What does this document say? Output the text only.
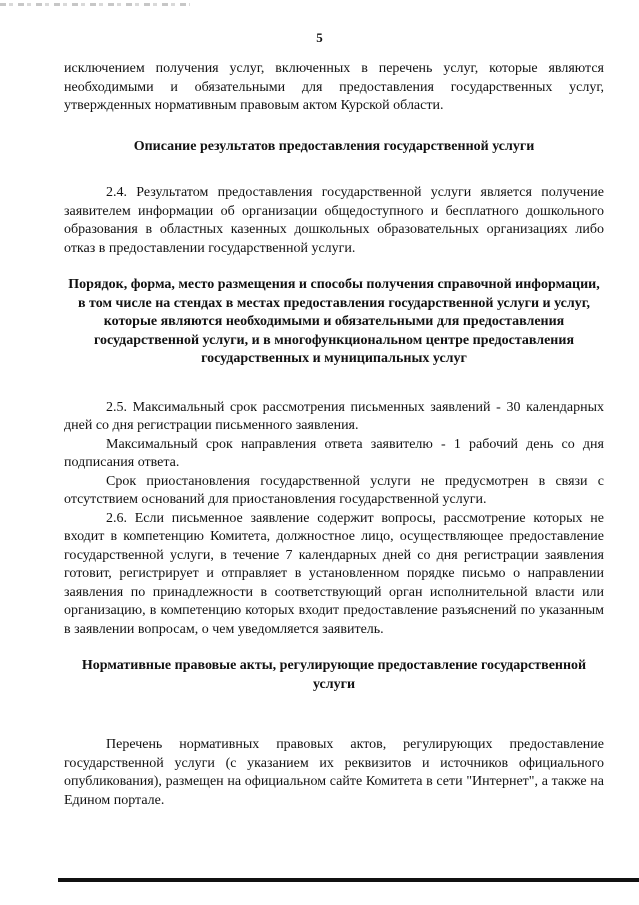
5

исключением получения услуг, включенных в перечень услуг, которые являются необходимыми и обязательными для предоставления государственных услуг, утвержденных нормативным правовым актом Курской области.

Описание результатов предоставления государственной услуги

2.4. Результатом предоставления государственной услуги является получение заявителем информации об организации общедоступного и бесплатного дошкольного образования в областных казенных дошкольных образовательных организациях либо отказ в предоставлении государственной услуги.

Порядок, форма, место размещения и способы получения справочной информации, в том числе на стендах в местах предоставления государственной услуги и услуг, которые являются необходимыми и обязательными для предоставления государственной услуги, и в многофункциональном центре предоставления государственных и муниципальных услуг

2.5. Максимальный срок рассмотрения письменных заявлений - 30 календарных дней со дня регистрации письменного заявления.

Максимальный срок направления ответа заявителю - 1 рабочий день со дня подписания ответа.

Срок приостановления государственной услуги не предусмотрен в связи с отсутствием оснований для приостановления государственной услуги.

2.6. Если письменное заявление содержит вопросы, рассмотрение которых не входит в компетенцию Комитета, должностное лицо, осуществляющее предоставление государственной услуги, в течение 7 календарных дней со дня регистрации заявления готовит, регистрирует и отправляет в установленном порядке письмо о направлении заявления по принадлежности в соответствующий орган исполнительной власти или организацию, в компетенцию которых входит предоставление разъяснений по указанным в заявлении вопросам, о чем уведомляется заявитель.

Нормативные правовые акты, регулирующие предоставление государственной услуги

Перечень нормативных правовых актов, регулирующих предоставление государственной услуги (с указанием их реквизитов и источников официального опубликования), размещен на официальном сайте Комитета в сети "Интернет", а также на Едином портале.
